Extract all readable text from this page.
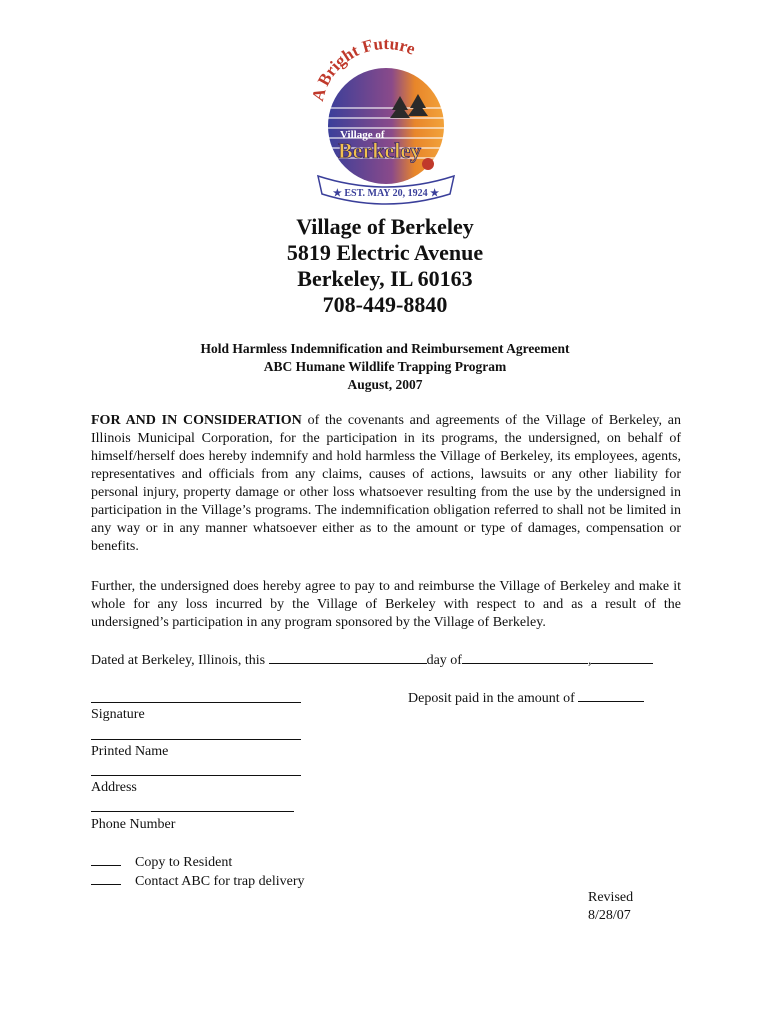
A Bright Future
Village of
Berkeley
★ EST. MAY 20, 1924 ★
Village of Berkeley
5819 Electric Avenue
Berkeley, IL 60163
708-449-8840
Hold Harmless Indemnification and Reimbursement Agreement
ABC Humane Wildlife Trapping Program
August, 2007
FOR AND IN CONSIDERATION of the covenants and agreements of the Village of Berkeley, an Illinois Municipal Corporation, for the participation in its programs, the undersigned, on behalf of himself/herself does hereby indemnify and hold harmless the Village of Berkeley, its employees, agents, representatives and officials from any claims, causes of actions, lawsuits or any other liability for personal injury, property damage or other loss whatsoever resulting from the use by the undersigned in participation in the Village’s programs. The indemnification obligation referred to shall not be limited in any way or in any manner whatsoever either as to the amount or type of damages, compensation or benefits.
Further, the undersigned does hereby agree to pay to and reimburse the Village of Berkeley and make it whole for any loss incurred by the Village of Berkeley with respect to and as a result of the undersigned’s participation in any program sponsored by the Village of Berkeley.
Dated at Berkeley, Illinois, this	day of	,
Deposit paid in the amount of
Signature
Printed Name
Address
Phone Number
Copy to Resident
Contact ABC for trap delivery
Revised
8/28/07
